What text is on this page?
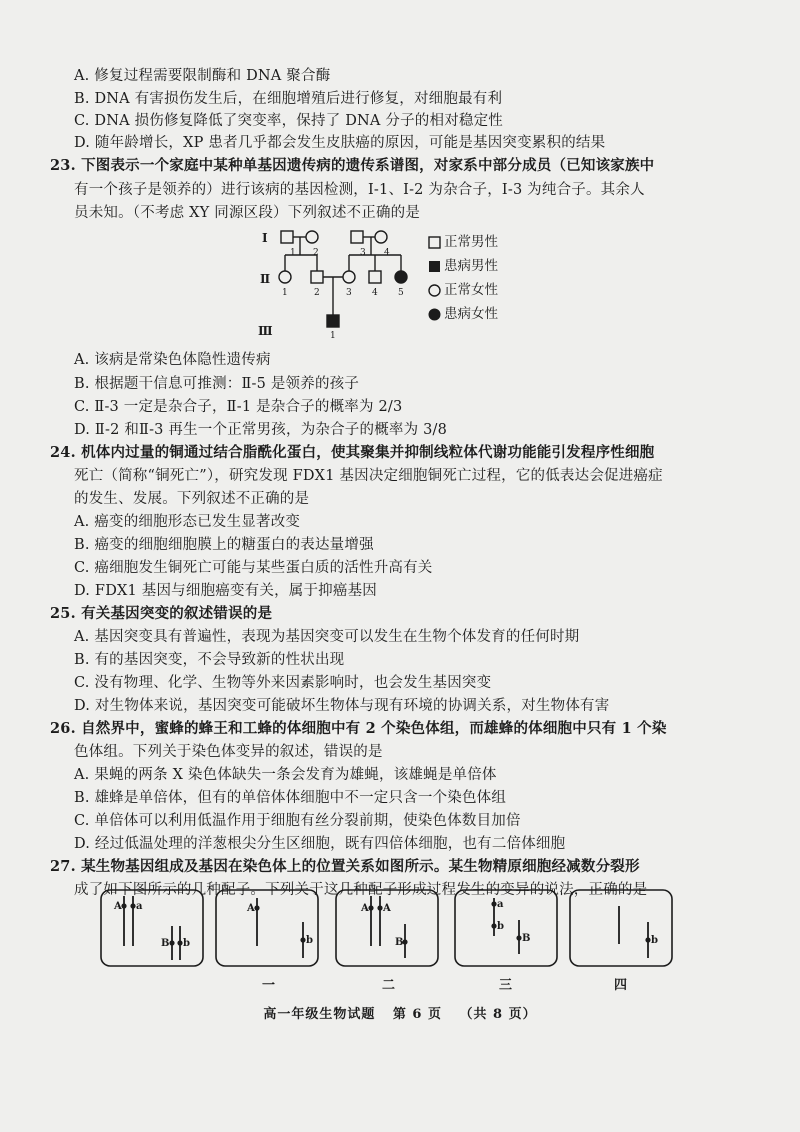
A. 修复过程需要限制酶和 DNA 聚合酶
B. DNA 有害损伤发生后，在细胞增殖后进行修复，对细胞最有利
C. DNA 损伤修复降低了突变率，保持了 DNA 分子的相对稳定性
D. 随年龄增长，XP 患者几乎都会发生皮肤癌的原因，可能是基因突变累积的结果
23. 下图表示一个家庭中某种单基因遗传病的遗传系谱图，对家系中部分成员（已知该家族中
有一个孩子是领养的）进行该病的基因检测，Ⅰ-1、Ⅰ-2 为杂合子，Ⅰ-3 为纯合子。其余人
员未知。（不考虑 XY 同源区段）下列叙述不正确的是
Ⅰ
Ⅱ
Ⅲ
1 2	3 4
1	2	3 4 5
1
正常男性
患病男性
正常女性
患病女性
A. 该病是常染色体隐性遗传病
B. 根据题干信息可推测：Ⅱ-5 是领养的孩子
C. Ⅱ-3 一定是杂合子，Ⅱ-1 是杂合子的概率为 2/3
D. Ⅱ-2 和Ⅱ-3 再生一个正常男孩，为杂合子的概率为 3/8
24. 机体内过量的铜通过结合脂酰化蛋白，使其聚集并抑制线粒体代谢功能能引发程序性细胞
死亡（简称“铜死亡”），研究发现 FDX1 基因决定细胞铜死亡过程，它的低表达会促进癌症
的发生、发展。下列叙述不正确的是
A. 癌变的细胞形态已发生显著改变
B. 癌变的细胞细胞膜上的糖蛋白的表达量增强
C. 癌细胞发生铜死亡可能与某些蛋白质的活性升高有关
D. FDX1 基因与细胞癌变有关，属于抑癌基因
25. 有关基因突变的叙述错误的是
A. 基因突变具有普遍性，表现为基因突变可以发生在生物个体发育的任何时期
B. 有的基因突变，不会导致新的性状出现
C. 没有物理、化学、生物等外来因素影响时，也会发生基因突变
D. 对生物体来说，基因突变可能破坏生物体与现有环境的协调关系，对生物体有害
26. 自然界中，蜜蜂的蜂王和工蜂的体细胞中有 2 个染色体组，而雄蜂的体细胞中只有 1 个染
色体组。下列关于染色体变异的叙述，错误的是
A. 果蝇的两条 X 染色体缺失一条会发育为雄蝇，该雄蝇是单倍体
B. 雄蜂是单倍体，但有的单倍体体细胞中不一定只含一个染色体组
C. 单倍体可以利用低温作用于细胞有丝分裂前期，使染色体数目加倍
D. 经过低温处理的洋葱根尖分生区细胞，既有四倍体细胞，也有二倍体细胞
27. 某生物基因组成及基因在染色体上的位置关系如图所示。某生物精原细胞经减数分裂形
成了如下图所示的几种配子。下列关于这几种配子形成过程发生的变异的说法，正确的是
A a
B b
A
b
A A
B
a
b
B	b
一	二	三	四
高一年级生物试题 第 6 页 （共 8 页）
